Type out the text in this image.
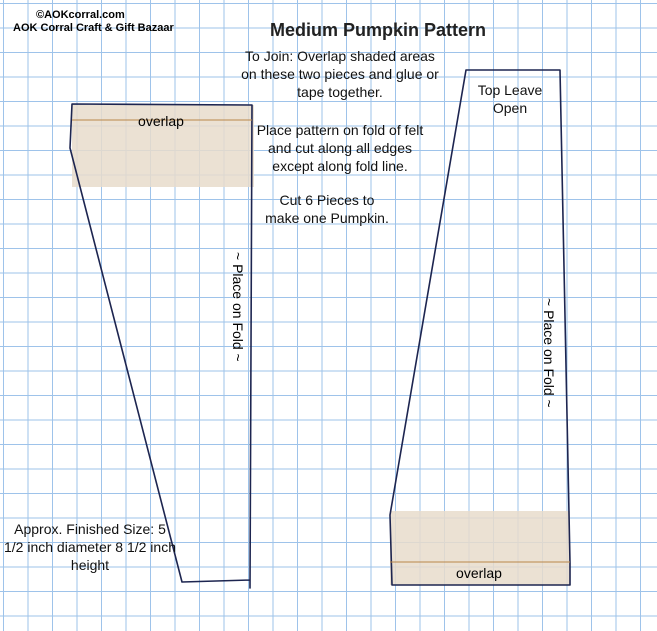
©AOKcorral.com
AOK Corral Craft & Gift Bazaar	Medium Pumpkin Pattern
To Join: Overlap shaded areas on these two pieces and glue or tape together.
Place pattern on fold of felt and cut along all edges except along fold line.
Cut 6 Pieces to make one Pumpkin.
overlap
~ Place on Fold ~
Top Leave Open
~ Place on Fold ~
overlap
Approx. Finished Size: 5 1/2 inch diameter 8 1/2 inch height
